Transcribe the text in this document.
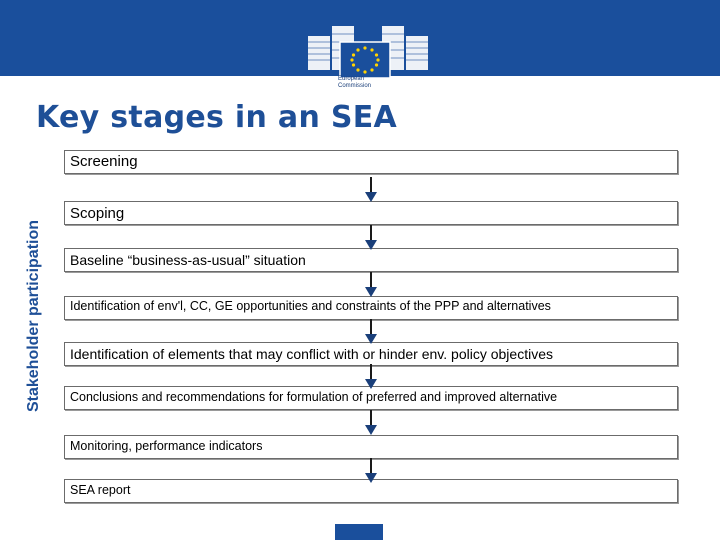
European
Commission
Key stages in an SEA
Stakeholder participation
Screening
Scoping
Baseline “business-as-usual” situation
Identification of env'l, CC, GE opportunities and constraints of the PPP and alternatives
Identification of elements that may conflict with or hinder env. policy objectives
Conclusions and recommendations for formulation of preferred and improved alternative
Monitoring, performance indicators
SEA report
